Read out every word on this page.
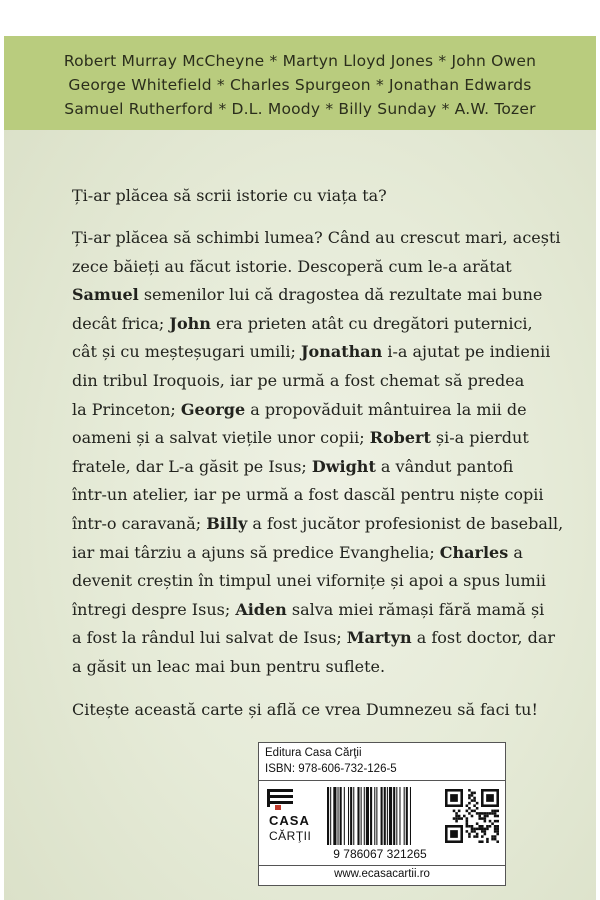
Robert Murray McCheyne * Martyn Lloyd Jones * John Owen
George Whitefield * Charles Spurgeon * Jonathan Edwards
Samuel Rutherford * D.L. Moody * Billy Sunday * A.W. Tozer
Ți-ar plăcea să scrii istorie cu viața ta?

Ți-ar plăcea să schimbi lumea? Când au crescut mari, acești
zece băieți au făcut istorie. Descoperă cum le-a arătat
Samuel semenilor lui că dragostea dă rezultate mai bune
decât frica; John era prieten atât cu dregători puternici,
cât și cu meșteșugari umili; Jonathan i-a ajutat pe indienii
din tribul Iroquois, iar pe urmă a fost chemat să predea
la Princeton; George a propovăduit mântuirea la mii de
oameni și a salvat viețile unor copii; Robert și-a pierdut
fratele, dar L-a găsit pe Isus; Dwight a vândut pantofi
într-un atelier, iar pe urmă a fost dascăl pentru niște copii
într-o caravană; Billy a fost jucător profesionist de baseball,
iar mai târziu a ajuns să predice Evanghelia; Charles a
devenit creștin în timpul unei vifornițe și apoi a spus lumii
întregi despre Isus; Aiden salva miei rămași fără mamă și
a fost la rândul lui salvat de Isus; Martyn a fost doctor, dar
a găsit un leac mai bun pentru suflete.

Citește această carte și află ce vrea Dumnezeu să faci tu!
Editura Casa Cărţii
ISBN: 978-606-732-126-5
CASA
CĂRŢII
9 786067 321265
www.ecasacartii.ro
